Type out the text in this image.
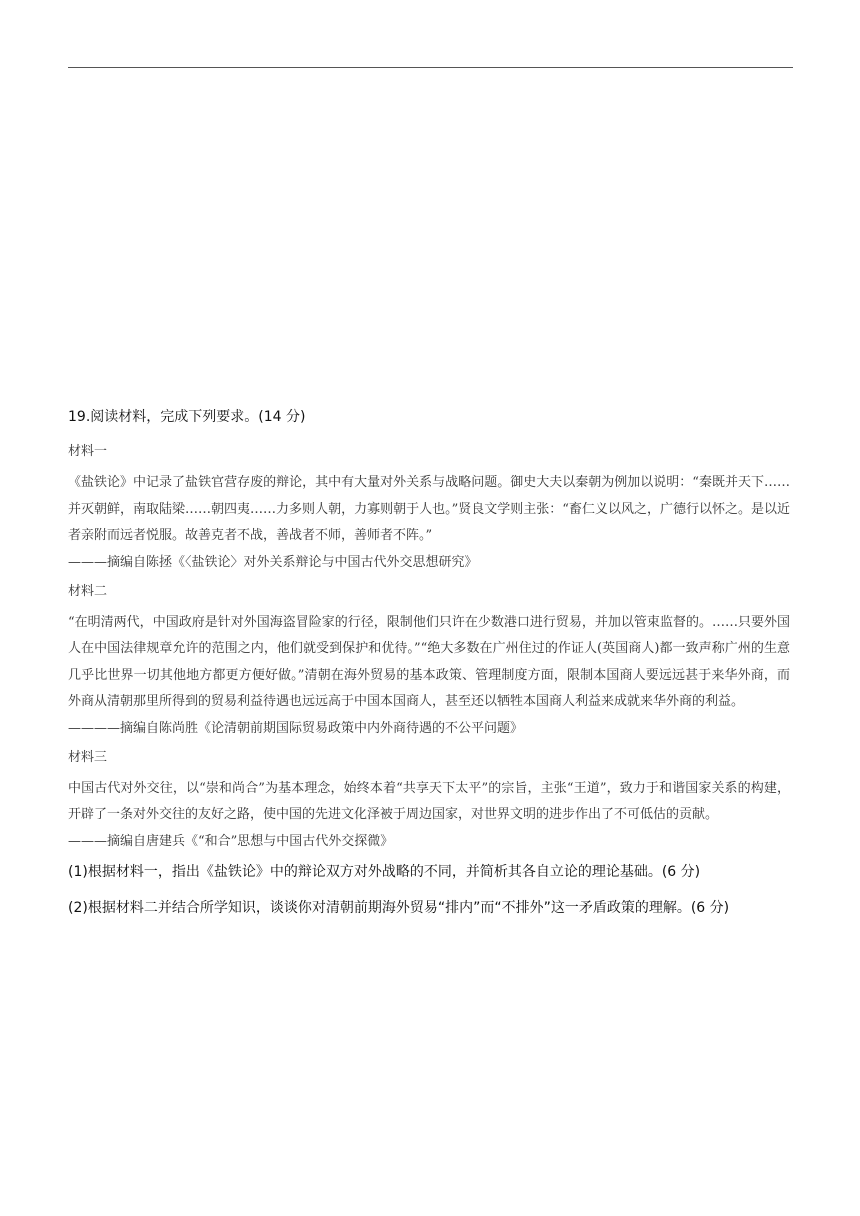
19.阅读材料，完成下列要求。(14 分)
材料一
《盐铁论》中记录了盐铁官营存废的辩论，其中有大量对外关系与战略问题。御史大夫以秦朝为例加以说明：“秦既并天下……并灭朝鲜，南取陆梁……朝四夷……力多则人朝，力寡则朝于人也。”贤良文学则主张：“畜仁义以风之，广德行以怀之。是以近者亲附而远者悦服。故善克者不战，善战者不师，善师者不阵。”
———摘编自陈拯《〈盐铁论〉对外关系辩论与中国古代外交思想研究》
材料二
“在明清两代，中国政府是针对外国海盗冒险家的行径，限制他们只许在少数港口进行贸易，并加以管束监督的。……只要外国人在中国法律规章允许的范围之内，他们就受到保护和优待。”“绝大多数在广州住过的作证人(英国商人)都一致声称广州的生意几乎比世界一切其他地方都更方便好做。”清朝在海外贸易的基本政策、管理制度方面，限制本国商人要远远甚于来华外商，而外商从清朝那里所得到的贸易利益待遇也远远高于中国本国商人，甚至还以牺牲本国商人利益来成就来华外商的利益。
————摘编自陈尚胜《论清朝前期国际贸易政策中内外商待遇的不公平问题》
材料三
中国古代对外交往，以“崇和尚合”为基本理念，始终本着“共享天下太平”的宗旨，主张“王道”，致力于和谐国家关系的构建，开辟了一条对外交往的友好之路，使中国的先进文化泽被于周边国家，对世界文明的进步作出了不可低估的贡献。
———摘编自唐建兵《“和合”思想与中国古代外交探微》
(1)根据材料一，指出《盐铁论》中的辩论双方对外战略的不同，并简析其各自立论的理论基础。(6 分)
(2)根据材料二并结合所学知识，谈谈你对清朝前期海外贸易“排内”而“不排外”这一矛盾政策的理解。(6 分)
